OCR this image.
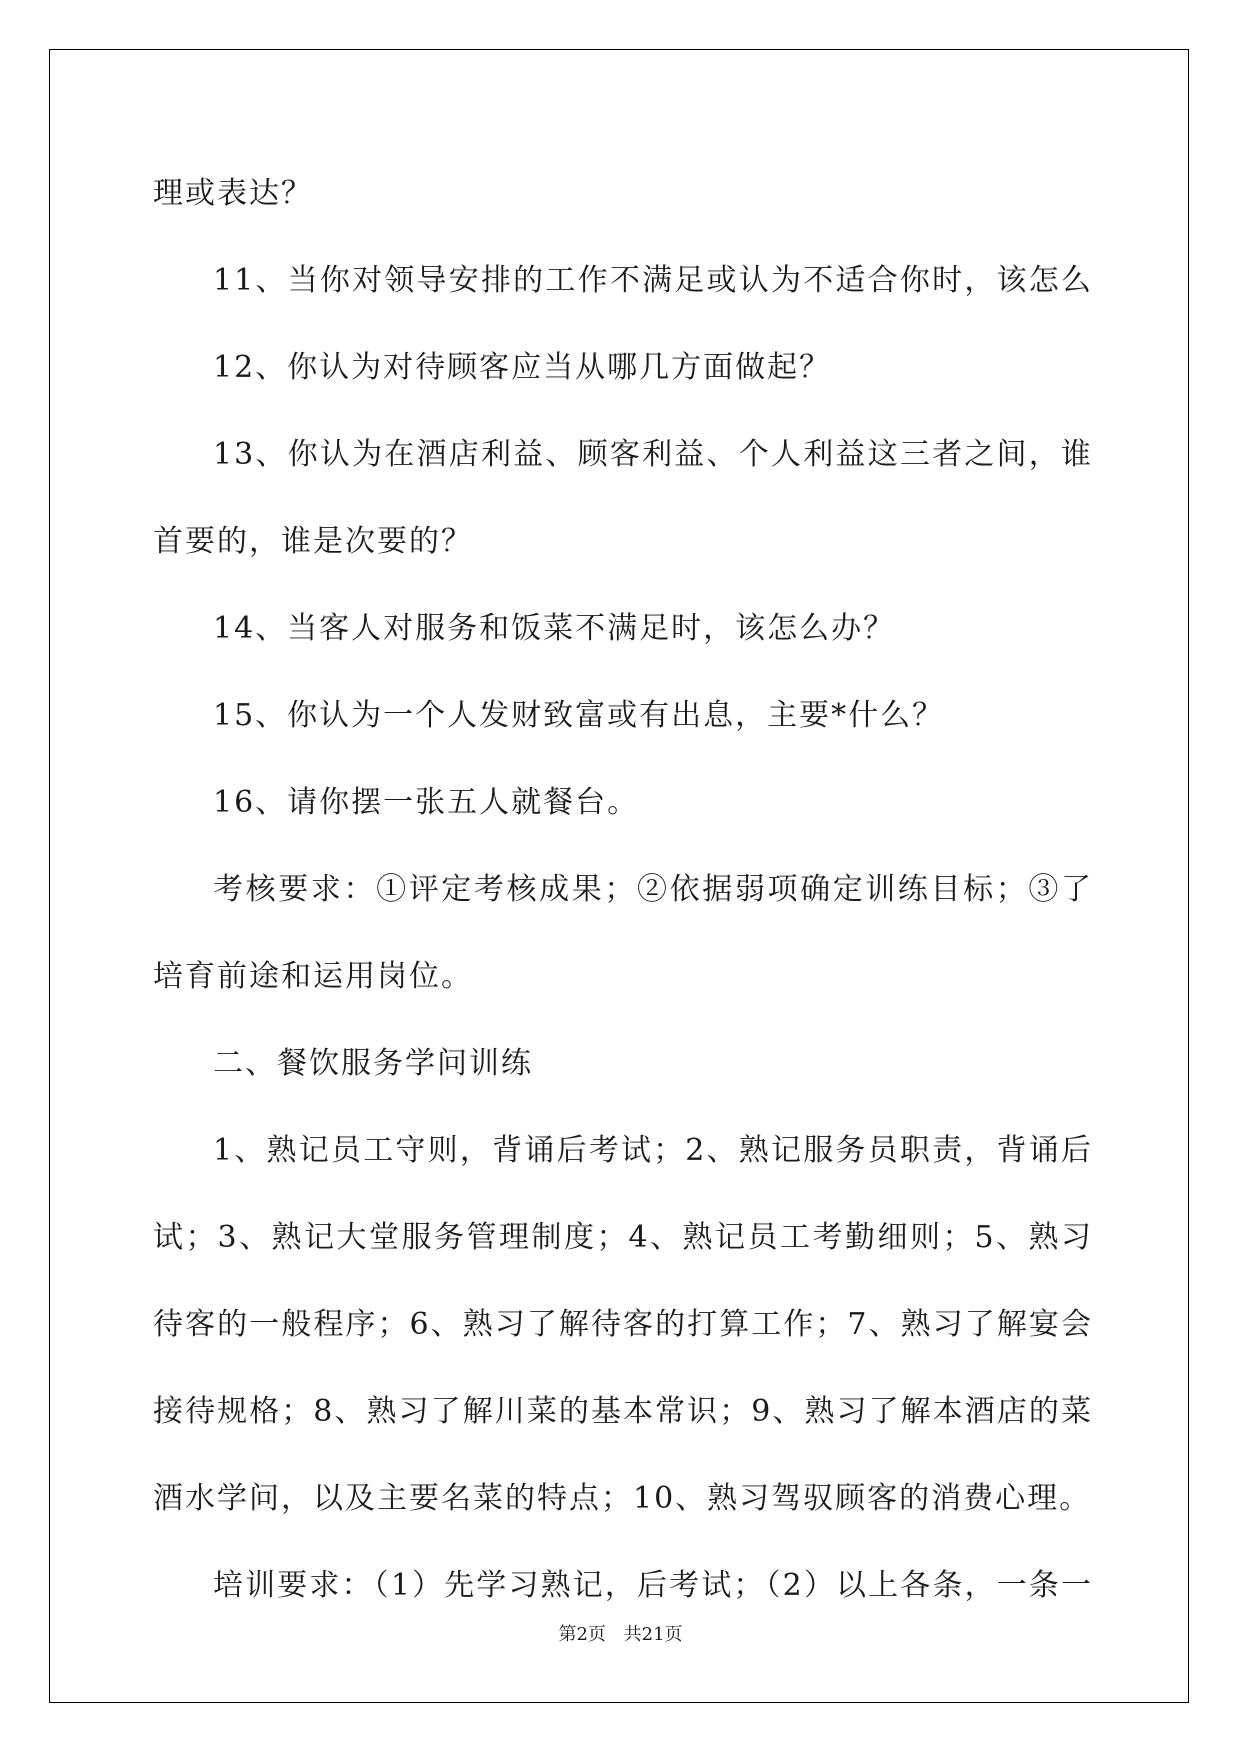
理或表达？
11、当你对领导安排的工作不满足或认为不适合你时，该怎么
12、你认为对待顾客应当从哪几方面做起？
13、你认为在酒店利益、顾客利益、个人利益这三者之间，谁
首要的，谁是次要的？
14、当客人对服务和饭菜不满足时，该怎么办？
15、你认为一个人发财致富或有出息，主要*什么？
16、请你摆一张五人就餐台。
考核要求：①评定考核成果；②依据弱项确定训练目标；③了
培育前途和运用岗位。
二、餐饮服务学问训练
1、熟记员工守则，背诵后考试；2、熟记服务员职责，背诵后
试；3、熟记大堂服务管理制度；4、熟记员工考勤细则；5、熟习
待客的一般程序；6、熟习了解待客的打算工作；7、熟习了解宴会
接待规格；8、熟习了解川菜的基本常识；9、熟习了解本酒店的菜
酒水学问，以及主要名菜的特点；10、熟习驾驭顾客的消费心理。
培训要求：（1）先学习熟记，后考试；（2）以上各条，一条一
第2页 共21页
